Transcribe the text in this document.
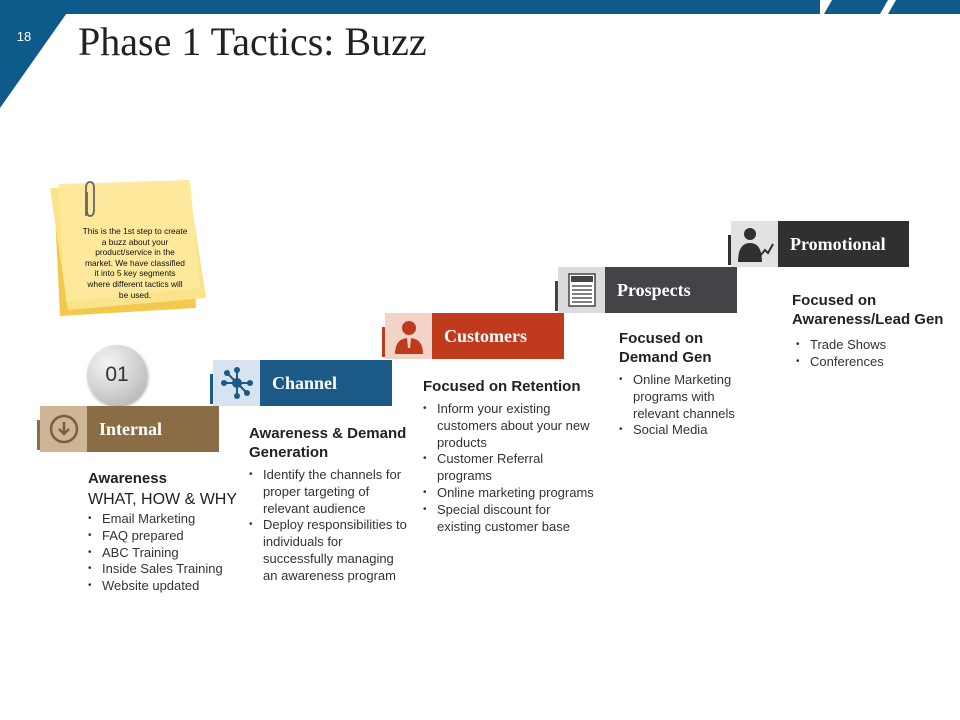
18 Phase 1 Tactics: Buzz
This is the 1st step to create a buzz about your product/service in the market. We have classified it into 5 key segments where different tactics will be used.
01
Internal
Channel
Customers
Prospects
Promotional
Awareness
WHAT, HOW & WHY
• Email Marketing
• FAQ prepared
• ABC Training
• Inside Sales Training
• Website updated
Awareness & Demand Generation
• Identify the channels for proper targeting of relevant audience
• Deploy responsibilities to individuals for successfully managing an awareness program
Focused on Retention
• Inform your existing customers about your new products
• Customer Referral programs
• Online marketing programs
• Special discount for existing customer base
Focused on Demand Gen
• Online Marketing programs with relevant channels
• Social Media
Focused on Awareness/Lead Gen
• Trade Shows
• Conferences
